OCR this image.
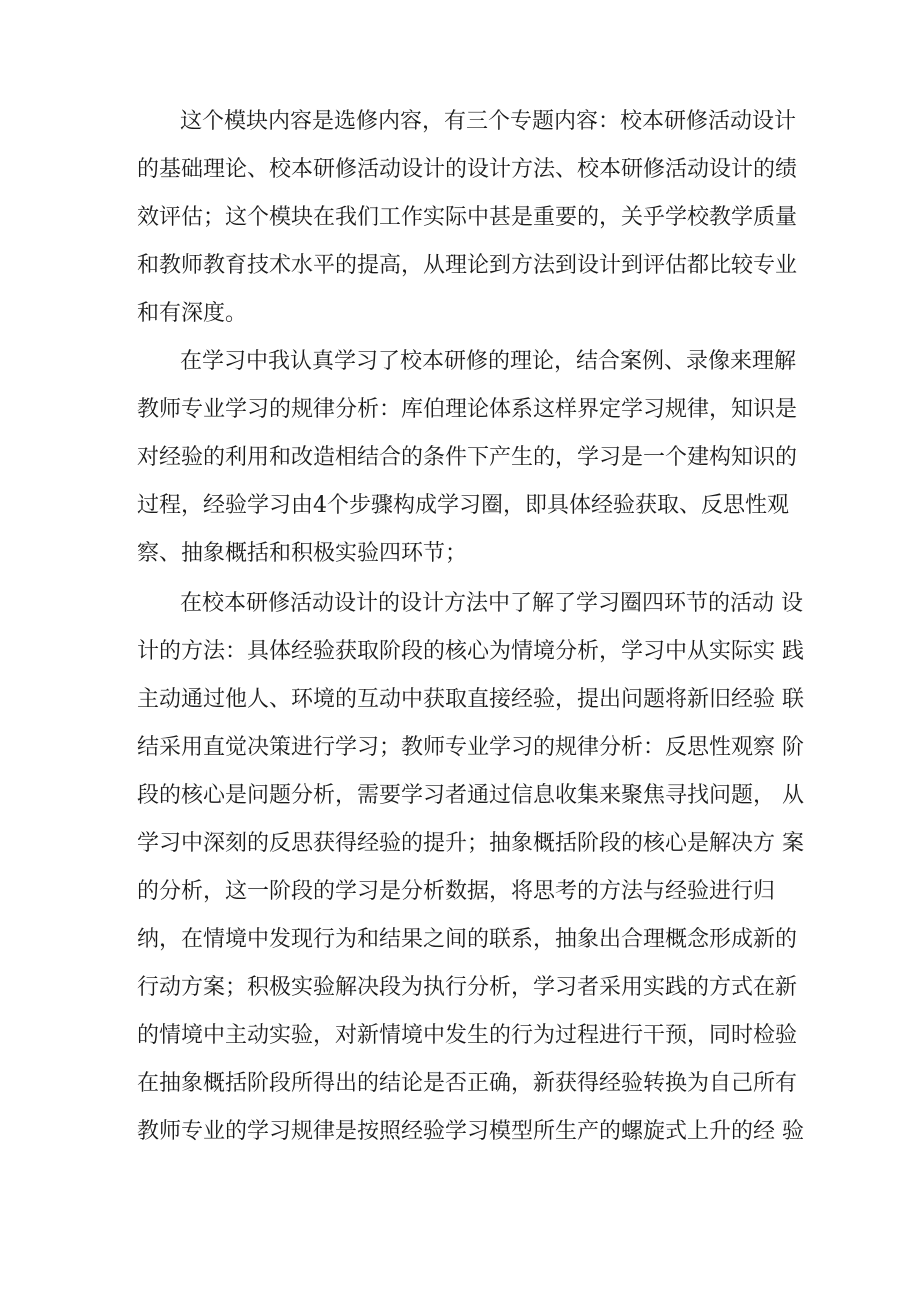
这个模块内容是选修内容，有三个专题内容：校本研修活动设计
的基础理论、校本研修活动设计的设计方法、校本研修活动设计的绩
效评估；这个模块在我们工作实际中甚是重要的，关乎学校教学质量
和教师教育技术水平的提高，从理论到方法到设计到评估都比较专业
和有深度。
在学习中我认真学习了校本研修的理论，结合案例、录像来理解
教师专业学习的规律分析：库伯理论体系这样界定学习规律，知识是
对经验的利用和改造相结合的条件下产生的，学习是一个建构知识的
过程，经验学习由4个步骤构成学习圈，即具体经验获取、反思性观
察、抽象概括和积极实验四环节；
在校本研修活动设计的设计方法中了解了学习圈四环节的活动 设
计的方法：具体经验获取阶段的核心为情境分析，学习中从实际实 践
主动通过他人、环境的互动中获取直接经验，提出问题将新旧经验 联
结采用直觉决策进行学习；教师专业学习的规律分析：反思性观察 阶
段的核心是问题分析，需要学习者通过信息收集来聚焦寻找问题， 从
学习中深刻的反思获得经验的提升；抽象概括阶段的核心是解决方 案
的分析，这一阶段的学习是分析数据，将思考的方法与经验进行归
纳，在情境中发现行为和结果之间的联系，抽象出合理概念形成新的
行动方案；积极实验解决段为执行分析，学习者采用实践的方式在新
的情境中主动实验，对新情境中发生的行为过程进行干预，同时检验
在抽象概括阶段所得出的结论是否正确，新获得经验转换为自己所有
教师专业的学习规律是按照经验学习模型所生产的螺旋式上升的经 验
